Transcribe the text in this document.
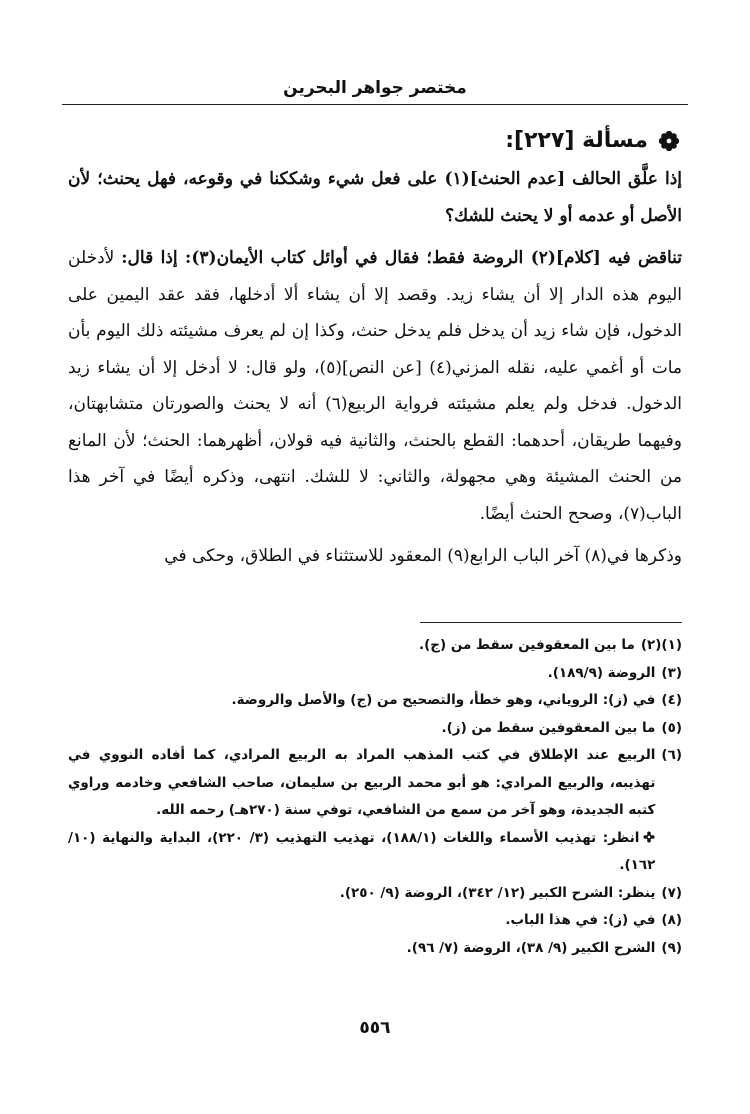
مختصر جواهر البحرين
مسألة [٢٢٧]:

إذا علَّق الحالف [عدم الحنث](١) على فعل شيء وشككنا في وقوعه، فهل يحنث؛ لأن الأصل أو عدمه أو لا يحنث للشك؟

تناقض فيه [كلام](٢) الروضة فقط؛ فقال في أوائل كتاب الأيمان(٣): إذا قال: لأدخلن اليوم هذه الدار إلا أن يشاء زيد. وقصد إلا أن يشاء ألا أدخلها، فقد عقد اليمين على الدخول، فإن شاء زيد أن يدخل فلم يدخل حنث، وكذا إن لم يعرف مشيئته ذلك اليوم بأن مات أو أغمي عليه، نقله المزني(٤) [عن النص](٥)، ولو قال: لا أدخل إلا أن يشاء زيد الدخول. فدخل ولم يعلم مشيئته فرواية الربيع(٦) أنه لا يحنث والصورتان متشابهتان، وفيهما طريقان، أحدهما: القطع بالحنث، والثانية فيه قولان، أظهرهما: الحنث؛ لأن المانع من الحنث المشيئة وهي مجهولة، والثاني: لا للشك. انتهى، وذكره أيضًا في آخر هذا الباب(٧)، وصحح الحنث أيضًا.

وذكرها في(٨) آخر الباب الرابع(٩) المعقود للاستثناء في الطلاق، وحكى في

(١)(٢)
ما بين المعقوفين سقط من (ج).
(٣)
الروضة (١٨٩/٩).
(٤)
في (ز): الروياني، وهو خطأ، والتصحيح من (ج) والأصل والروضة.
(٥)
ما بين المعقوفين سقط من (ز).
(٦)
الربيع عند الإطلاق في كتب المذهب المراد به الربيع المرادي، كما أفاده النووي في تهذيبه، والربيع المرادي: هو أبو محمد الربيع بن سليمان، صاحب الشافعي وخادمه وراوي كتبه الجديدة، وهو آخر من سمع من الشافعي، توفي سنة (٢٧٠هـ) رحمه الله.
انظر: تهذيب الأسماء واللغات (١٨٨/١)، تهذيب التهذيب (٣/ ٢٢٠)، البداية والنهاية (١٠/ ١٦٢).
(٧)
ينظر: الشرح الكبير (١٢/ ٣٤٢)، الروضة (٩/ ٢٥٠).
(٨)
في (ز): في هذا الباب.
(٩)
الشرح الكبير (٩/ ٣٨)، الروضة (٧/ ٩٦).
٥٥٦
